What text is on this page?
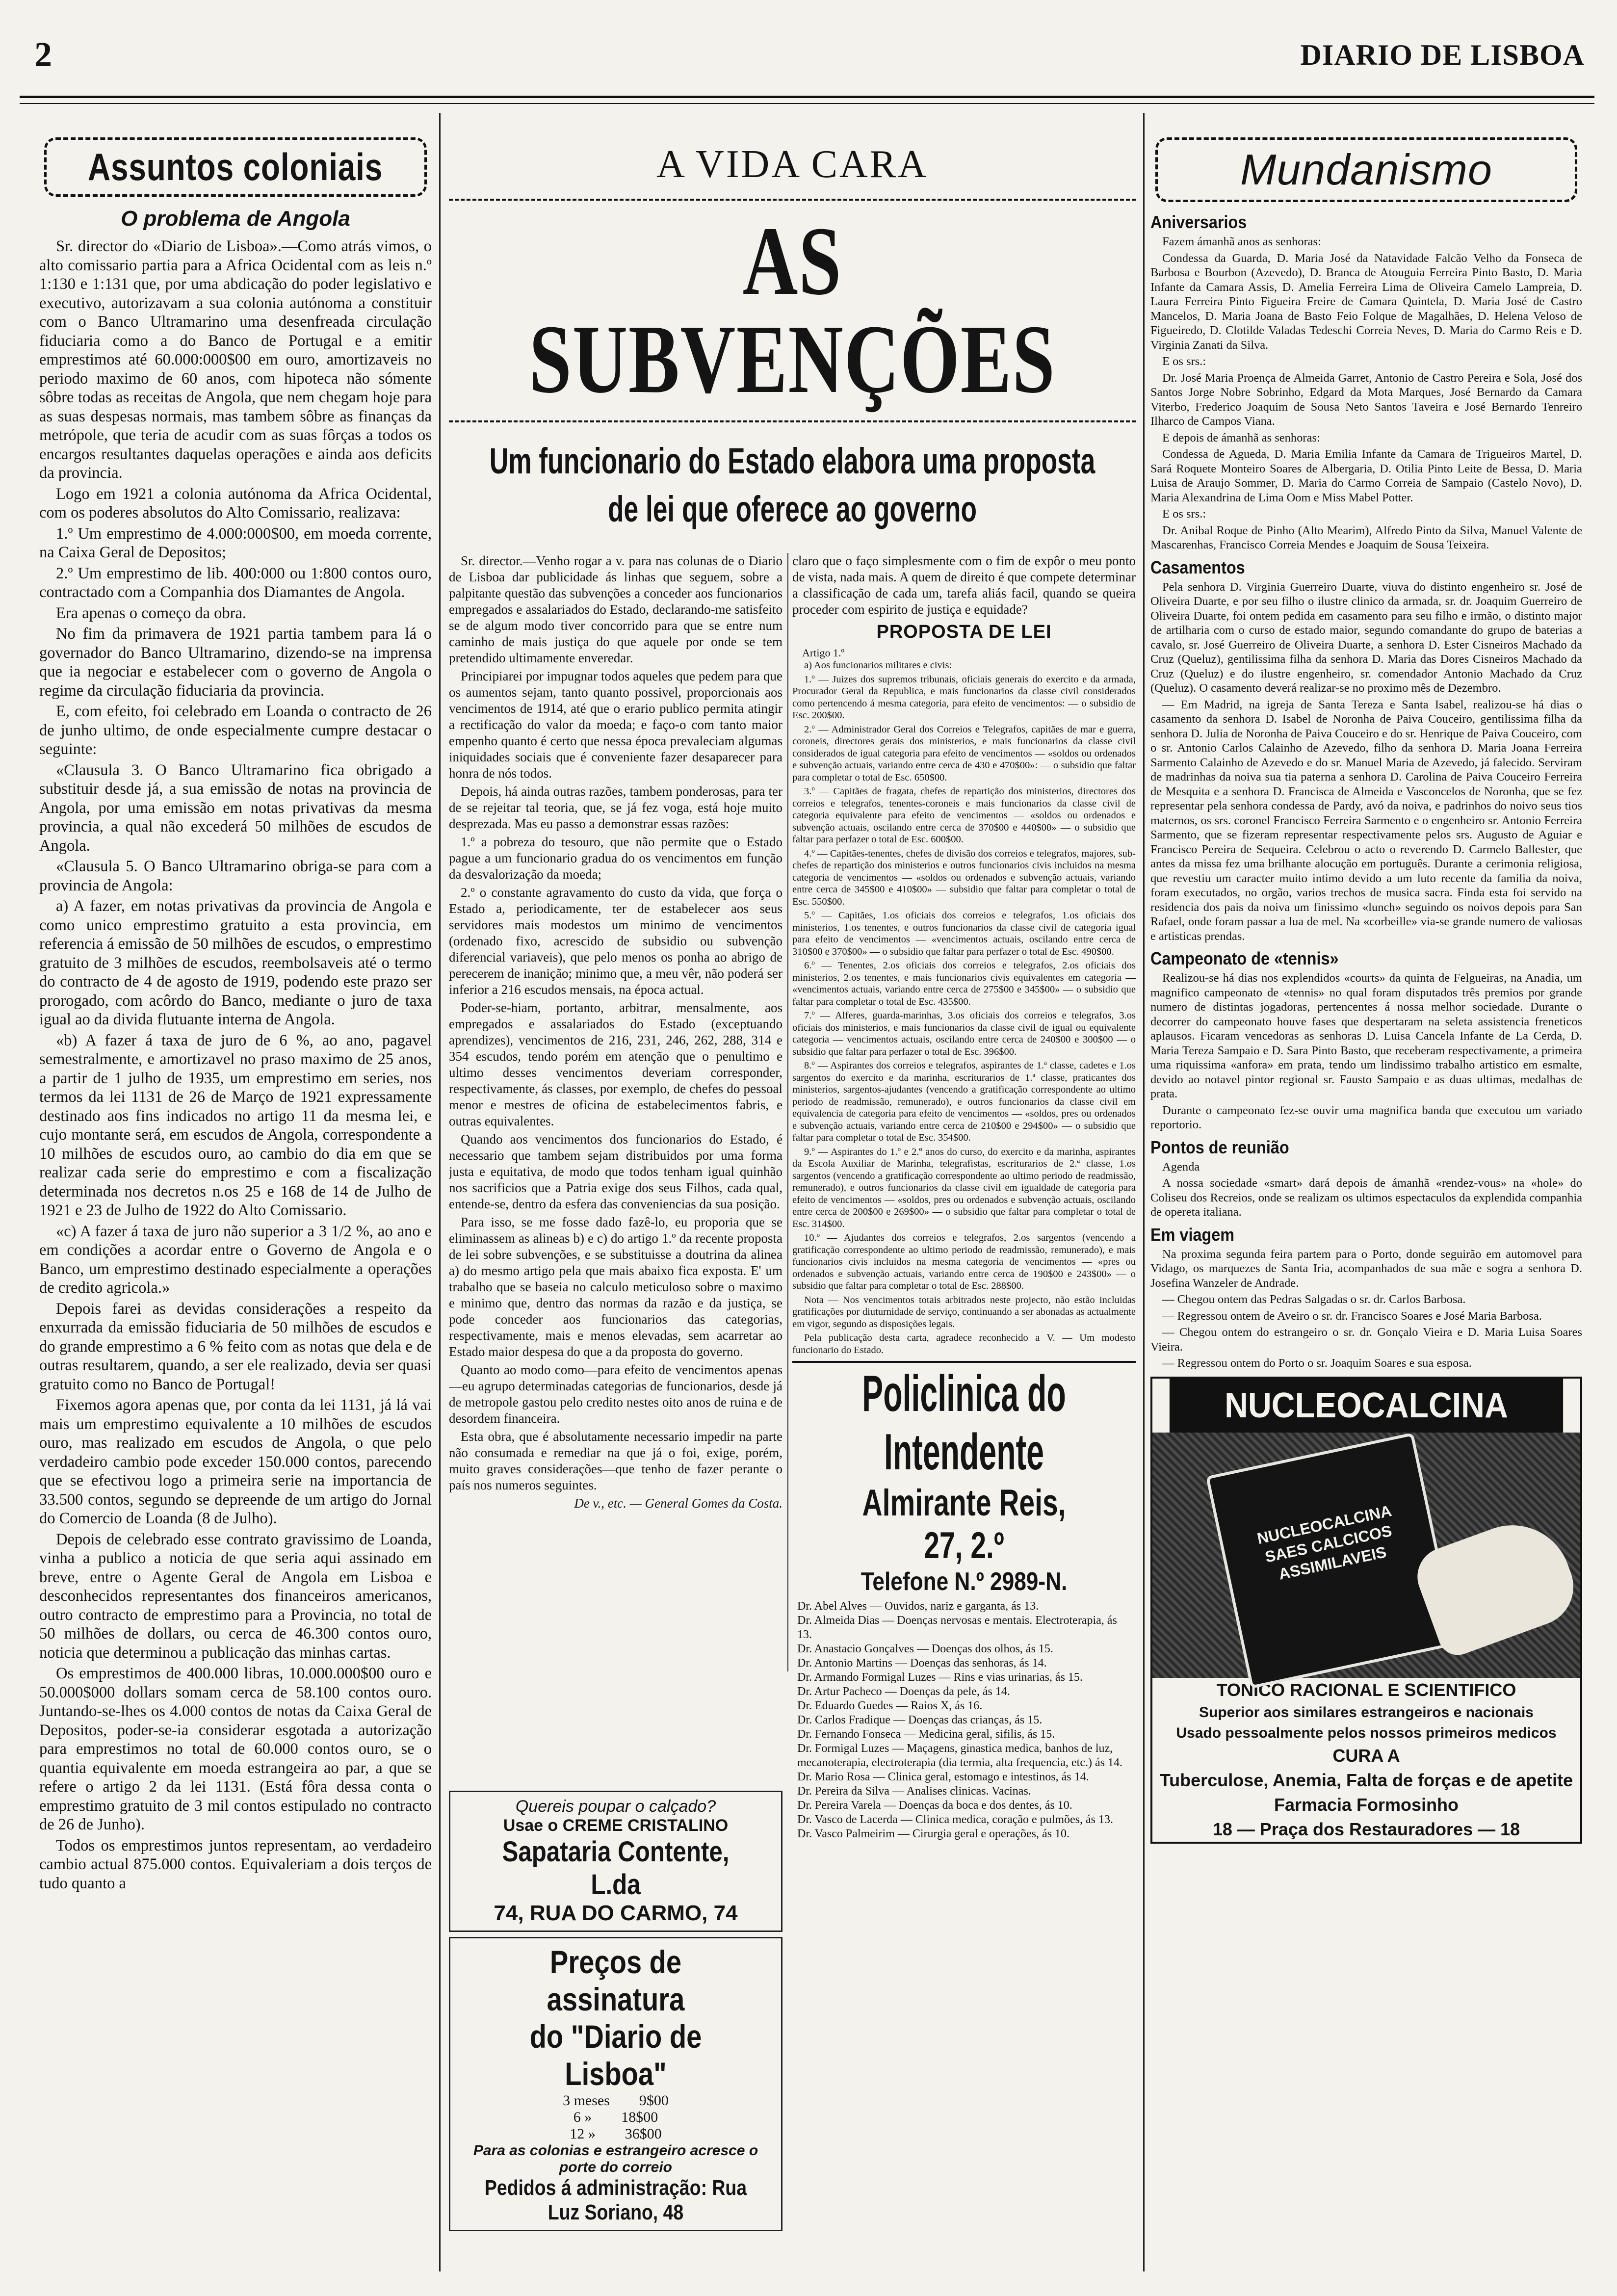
2	DIARIO DE LISBOA
Assuntos coloniais
O problema de Angola

Sr. director do «Diario de Lisboa».—Como atrás vimos, o alto comissario partia para a Africa Ocidental com as leis n.º 1:130 e 1:131 que, por uma abdicação do poder legislativo e executivo, autorizavam a sua colonia autónoma a constituir com o Banco Ultramarino uma desenfreada circulação fiduciaria como a do Banco de Portugal e a emitir emprestimos até 60.000:000$00 em ouro, amortizaveis no periodo maximo de 60 anos, com hipoteca não sómente sôbre todas as receitas de Angola, que nem chegam hoje para as suas despesas normais, mas tambem sôbre as finanças da metrópole, que teria de acudir com as suas fôrças a todos os encargos resultantes daquelas operações e ainda aos deficits da provincia.

Logo em 1921 a colonia autónoma da Africa Ocidental, com os poderes absolutos do Alto Comissario, realizava:

1.º Um emprestimo de 4.000:000$00, em moeda corrente, na Caixa Geral de Depositos;

2.º Um emprestimo de lib. 400:000 ou 1:800 contos ouro, contractado com a Companhia dos Diamantes de Angola.

Era apenas o começo da obra.

No fim da primavera de 1921 partia tambem para lá o governador do Banco Ultramarino, dizendo-se na imprensa que ia negociar e estabelecer com o governo de Angola o regime da circulação fiduciaria da provincia.

E, com efeito, foi celebrado em Loanda o contracto de 26 de junho ultimo, de onde especialmente cumpre destacar o seguinte:

«Clausula 3. O Banco Ultramarino fica obrigado a substituir desde já, a sua emissão de notas na provincia de Angola, por uma emissão em notas privativas da mesma provincia, a qual não excederá 50 milhões de escudos de Angola.

«Clausula 5. O Banco Ultramarino obriga-se para com a provincia de Angola:

a) A fazer, em notas privativas da provincia de Angola e como unico emprestimo gratuito a esta provincia, em referencia á emissão de 50 milhões de escudos, o emprestimo gratuito de 3 milhões de escudos, reembolsaveis até o termo do contracto de 4 de agosto de 1919, podendo este prazo ser prorogado, com acôrdo do Banco, mediante o juro de taxa igual ao da divida flutuante interna de Angola.

«b) A fazer á taxa de juro de 6 %, ao ano, pagavel semestralmente, e amortizavel no praso maximo de 25 anos, a partir de 1 julho de 1935, um emprestimo em series, nos termos da lei 1131 de 26 de Março de 1921 expressamente destinado aos fins indicados no artigo 11 da mesma lei, e cujo montante será, em escudos de Angola, correspondente a 10 milhões de escudos ouro, ao cambio do dia em que se realizar cada serie do emprestimo e com a fiscalização determinada nos decretos n.os 25 e 168 de 14 de Julho de 1921 e 23 de Julho de 1922 do Alto Comissario.

«c) A fazer á taxa de juro não superior a 3 1/2 %, ao ano e em condições a acordar entre o Governo de Angola e o Banco, um emprestimo destinado especialmente a operações de credito agricola.»

Depois farei as devidas considerações a respeito da enxurrada da emissão fiduciaria de 50 milhões de escudos e do grande emprestimo a 6 % feito com as notas que dela e de outras resultarem, quando, a ser ele realizado, devia ser quasi gratuito como no Banco de Portugal!

Fixemos agora apenas que, por conta da lei 1131, já lá vai mais um emprestimo equivalente a 10 milhões de escudos ouro, mas realizado em escudos de Angola, o que pelo verdadeiro cambio pode exceder 150.000 contos, parecendo que se efectivou logo a primeira serie na importancia de 33.500 contos, segundo se depreende de um artigo do Jornal do Comercio de Loanda (8 de Julho).

Depois de celebrado esse contrato gravissimo de Loanda, vinha a publico a noticia de que seria aqui assinado em breve, entre o Agente Geral de Angola em Lisboa e desconhecidos representantes dos financeiros americanos, outro contracto de emprestimo para a Provincia, no total de 50 milhões de dollars, ou cerca de 46.300 contos ouro, noticia que determinou a publicação das minhas cartas.

Os emprestimos de 400.000 libras, 10.000.000$00 ouro e 50.000$000 dollars somam cerca de 58.100 contos ouro. Juntando-se-lhes os 4.000 contos de notas da Caixa Geral de Depositos, poder-se-ia considerar esgotada a autorização para emprestimos no total de 60.000 contos ouro, se o quantia equivalente em moeda estrangeira ao par, a que se refere o artigo 2 da lei 1131. (Está fôra dessa conta o emprestimo gratuito de 3 mil contos estipulado no contracto de 26 de Junho).

Todos os emprestimos juntos representam, ao verdadeiro cambio actual 875.000 contos. Equivaleriam a dois terços de tudo quanto a

A VIDA CARA
AS SUBVENÇÕES
Um funcionario do Estado elabora uma proposta de lei que oferece ao governo

Sr. director.—Venho rogar a v. para nas colunas de o Diario de Lisboa dar publicidade ás linhas que seguem, sobre a palpitante questão das subvenções a conceder aos funcionarios empregados e assalariados do Estado, declarando-me satisfeito se de algum modo tiver concorrido para que se entre num caminho de mais justiça do que aquele por onde se tem pretendido ultimamente enveredar.

Principiarei por impugnar todos aqueles que pedem para que os aumentos sejam, tanto quanto possivel, proporcionais aos vencimentos de 1914, até que o erario publico permita atingir a rectificação do valor da moeda; e faço-o com tanto maior empenho quanto é certo que nessa época prevaleciam algumas iniquidades sociais que é conveniente fazer desaparecer para honra de nós todos.

Depois, há ainda outras razões, tambem ponderosas, para ter de se rejeitar tal teoria, que, se já fez voga, está hoje muito desprezada. Mas eu passo a demonstrar essas razões:

1.º a pobreza do tesouro, que não permite que o Estado pague a um funcionario gradua do os vencimentos em função da desvalorização da moeda;

2.º o constante agravamento do custo da vida, que força o Estado a, periodicamente, ter de estabelecer aos seus servidores mais modestos um minimo de vencimentos (ordenado fixo, acrescido de subsidio ou subvenção diferencial variaveis), que pelo menos os ponha ao abrigo de perecerem de inanição; minimo que, a meu vêr, não poderá ser inferior a 216 escudos mensais, na época actual.

Poder-se-hiam, portanto, arbitrar, mensalmente, aos empregados e assalariados do Estado (exceptuando aprendizes), vencimentos de 216, 231, 246, 262, 288, 314 e 354 escudos, tendo porém em atenção que o penultimo e ultimo desses vencimentos deveriam corresponder, respectivamente, ás classes, por exemplo, de chefes do pessoal menor e mestres de oficina de estabelecimentos fabris, e outras equivalentes.

Quando aos vencimentos dos funcionarios do Estado, é necessario que tambem sejam distribuidos por uma forma justa e equitativa, de modo que todos tenham igual quinhão nos sacrificios que a Patria exige dos seus Filhos, cada qual, entende-se, dentro da esfera das conveniencias da sua posição.

Para isso, se me fosse dado fazê-lo, eu proporia que se eliminassem as alineas b) e c) do artigo 1.º da recente proposta de lei sobre subvenções, e se substituisse a doutrina da alinea a) do mesmo artigo pela que mais abaixo fica exposta. E' um trabalho que se baseia no calculo meticuloso sobre o maximo e minimo que, dentro das normas da razão e da justiça, se pode conceder aos funcionarios das categorias, respectivamente, mais e menos elevadas, sem acarretar ao Estado maior despesa do que a da proposta do governo.

Quanto ao modo como—para efeito de vencimentos apenas—eu agrupo determinadas categorias de funcionarios, desde já de metropole gastou pelo credito nestes oito anos de ruina e de desordem financeira.

Esta obra, que é absolutamente necessario impedir na parte não consumada e remediar na que já o foi, exige, porém, muito graves considerações—que tenho de fazer perante o país nos numeros seguintes.

De v., etc. — General Gomes da Costa.

claro que o faço simplesmente com o fim de expôr o meu ponto de vista, nada mais. A quem de direito é que compete determinar a classificação de cada um, tarefa aliás facil, quando se queira proceder com espirito de justiça e equidade?
PROPOSTA DE LEI
Artigo 1.º

a) Aos funcionarios militares e civis:

1.º — Juizes dos supremos tribunais, oficiais generais do exercito e da armada, Procurador Geral da Republica, e mais funcionarios da classe civil considerados como pertencendo á mesma categoria, para efeito de vencimentos: — o subsidio de Esc. 200$00.

2.º — Administrador Geral dos Correios e Telegrafos, capitães de mar e guerra, coroneis, directores gerais dos ministerios, e mais funcionarios da classe civil considerados de igual categoria para efeito de vencimentos — «soldos ou ordenados e subvenção actuais, variando entre cerca de 430 e 470$00»: — o subsidio que faltar para completar o total de Esc. 650$00.

3.º — Capitães de fragata, chefes de repartição dos ministerios, directores dos correios e telegrafos, tenentes-coroneis e mais funcionarios da classe civil de categoria equivalente para efeito de vencimentos — «soldos ou ordenados e subvenção actuais, oscilando entre cerca de 370$00 e 440$00» — o subsidio que faltar para perfazer o total de Esc. 600$00.

4.º — Capitães-tenentes, chefes de divisão dos correios e telegrafos, majores, sub-chefes de repartição dos ministerios e outros funcionarios civis incluidos na mesma categoria de vencimentos — «soldos ou ordenados e subvenção actuais, variando entre cerca de 345$00 e 410$00» — subsidio que faltar para completar o total de Esc. 550$00.

5.º — Capitães, 1.os oficiais dos correios e telegrafos, 1.os oficiais dos ministerios, 1.os tenentes, e outros funcionarios da classe civil de categoria igual para efeito de vencimentos — «vencimentos actuais, oscilando entre cerca de 310$00 e 370$00» — o subsidio que faltar para perfazer o total de Esc. 490$00.

6.º — Tenentes, 2.os oficiais dos correios e telegrafos, 2.os oficiais dos ministerios, 2.os tenentes, e mais funcionarios civis equivalentes em categoria — «vencimentos actuais, variando entre cerca de 275$00 e 345$00» — o subsidio que faltar para completar o total de Esc. 435$00.

7.º — Alferes, guarda-marinhas, 3.os oficiais dos correios e telegrafos, 3.os oficiais dos ministerios, e mais funcionarios da classe civil de igual ou equivalente categoria — vencimentos actuais, oscilando entre cerca de 240$00 e 300$00 — o subsidio que faltar para perfazer o total de Esc. 396$00.

8.º — Aspirantes dos correios e telegrafos, aspirantes de 1.ª classe, cadetes e 1.os sargentos do exercito e da marinha, escriturarios de 1.ª classe, praticantes dos ministerios, sargentos-ajudantes (vencendo a gratificação correspondente ao ultimo periodo de readmissão, remunerado), e outros funcionarios da classe civil em equivalencia de categoria para efeito de vencimentos — «soldos, pres ou ordenados e subvenção actuais, variando entre cerca de 210$00 e 294$00» — o subsidio que faltar para completar o total de Esc. 354$00.

9.º — Aspirantes do 1.º e 2.º anos do curso, do exercito e da marinha, aspirantes da Escola Auxiliar de Marinha, telegrafistas, escriturarios de 2.ª classe, 1.os sargentos (vencendo a gratificação correspondente ao ultimo periodo de readmissão, remunerado), e outros funcionarios da classe civil em igualdade de categoria para efeito de vencimentos — «soldos, pres ou ordenados e subvenção actuais, oscilando entre cerca de 200$00 e 269$00» — o subsidio que faltar para completar o total de Esc. 314$00.

10.º — Ajudantes dos correios e telegrafos, 2.os sargentos (vencendo a gratificação correspondente ao ultimo periodo de readmissão, remunerado), e mais funcionarios civis incluidos na mesma categoria de vencimentos — «pres ou ordenados e subvenção actuais, variando entre cerca de 190$00 e 243$00» — o subsidio que faltar para completar o total de Esc. 288$00.

Nota — Nos vencimentos totais arbitrados neste projecto, não estão incluidas gratificações por diuturnidade de serviço, continuando a ser abonadas as actualmente em vigor, segundo as disposições legais.

Pela publicação desta carta, agradece reconhecido a V. — Um modesto funcionario do Estado.

Policlinica do Intendente
Almirante Reis, 27, 2.º
Telefone N.º 2989-N.
Dr. Abel Alves — Ouvidos, nariz e garganta, ás 13.
Dr. Almeida Dias — Doenças nervosas e mentais. Electroterapia, ás 13.
Dr. Anastacio Gonçalves — Doenças dos olhos, ás 15.
Dr. Antonio Martins — Doenças das senhoras, ás 14.
Dr. Armando Formigal Luzes — Rins e vias urinarias, ás 15.
Dr. Artur Pacheco — Doenças da pele, ás 14.
Dr. Eduardo Guedes — Raios X, ás 16.
Dr. Carlos Fradique — Doenças das crianças, ás 15.
Dr. Fernando Fonseca — Medicina geral, sifilis, ás 15.
Dr. Formigal Luzes — Maçagens, ginastica medica, banhos de luz, mecanoterapia, electroterapia (dia termia, alta frequencia, etc.) ás 14.
Dr. Mario Rosa — Clinica geral, estomago e intestinos, ás 14.
Dr. Pereira da Silva — Analises clinicas. Vacinas.
Dr. Pereira Varela — Doenças da boca e dos dentes, ás 10.
Dr. Vasco de Lacerda — Clinica medica, coração e pulmões, ás 13.
Dr. Vasco Palmeirim — Cirurgia geral e operações, ás 10.
Quereis poupar o calçado?
Usae o CREME CRISTALINO
Sapataria Contente, L.da
74, RUA DO CARMO, 74
Preços de assinatura
do "Diario de Lisboa"
3 meses 9$00
6 » 18$00
12 » 36$00
Para as colonias e estrangeiro acresce o porte do correio
Pedidos á administração: Rua Luz Soriano, 48
Mundanismo
Aniversarios

Fazem ámanhã anos as senhoras:

Condessa da Guarda, D. Maria José da Natavidade Falcão Velho da Fonseca de Barbosa e Bourbon (Azevedo), D. Branca de Atouguia Ferreira Pinto Basto, D. Maria Infante da Camara Assis, D. Amelia Ferreira Lima de Oliveira Camelo Lampreia, D. Laura Ferreira Pinto Figueira Freire de Camara Quintela, D. Maria José de Castro Mancelos, D. Maria Joana de Basto Feio Folque de Magalhães, D. Helena Veloso de Figueiredo, D. Clotilde Valadas Tedeschi Correia Neves, D. Maria do Carmo Reis e D. Virginia Zanati da Silva.

E os srs.:

Dr. José Maria Proença de Almeida Garret, Antonio de Castro Pereira e Sola, José dos Santos Jorge Nobre Sobrinho, Edgard da Mota Marques, José Bernardo da Camara Viterbo, Frederico Joaquim de Sousa Neto Santos Taveira e José Bernardo Tenreiro Ilharco de Campos Viana.

E depois de ámanhã as senhoras:

Condessa de Agueda, D. Maria Emilia Infante da Camara de Trigueiros Martel, D. Sará Roquete Monteiro Soares de Albergaria, D. Otilia Pinto Leite de Bessa, D. Maria Luisa de Araujo Sommer, D. Maria do Carmo Correia de Sampaio (Castelo Novo), D. Maria Alexandrina de Lima Oom e Miss Mabel Potter.

E os srs.:

Dr. Anibal Roque de Pinho (Alto Mearim), Alfredo Pinto da Silva, Manuel Valente de Mascarenhas, Francisco Correia Mendes e Joaquim de Sousa Teixeira.

Casamentos

Pela senhora D. Virginia Guerreiro Duarte, viuva do distinto engenheiro sr. José de Oliveira Duarte, e por seu filho o ilustre clinico da armada, sr. dr. Joaquim Guerreiro de Oliveira Duarte, foi ontem pedida em casamento para seu filho e irmão, o distinto major de artilharia com o curso de estado maior, segundo comandante do grupo de baterias a cavalo, sr. José Guerreiro de Oliveira Duarte, a senhora D. Ester Cisneiros Machado da Cruz (Queluz), gentilissima filha da senhora D. Maria das Dores Cisneiros Machado da Cruz (Queluz) e do ilustre engenheiro, sr. comendador Antonio Machado da Cruz (Queluz). O casamento deverá realizar-se no proximo mês de Dezembro.

— Em Madrid, na igreja de Santa Tereza e Santa Isabel, realizou-se há dias o casamento da senhora D. Isabel de Noronha de Paiva Couceiro, gentilissima filha da senhora D. Julia de Noronha de Paiva Couceiro e do sr. Henrique de Paiva Couceiro, com o sr. Antonio Carlos Calainho de Azevedo, filho da senhora D. Maria Joana Ferreira Sarmento Calainho de Azevedo e do sr. Manuel Maria de Azevedo, já falecido. Serviram de madrinhas da noiva sua tia paterna a senhora D. Carolina de Paiva Couceiro Ferreira de Mesquita e a senhora D. Francisca de Almeida e Vasconcelos de Noronha, que se fez representar pela senhora condessa de Pardy, avó da noiva, e padrinhos do noivo seus tios maternos, os srs. coronel Francisco Ferreira Sarmento e o engenheiro sr. Antonio Ferreira Sarmento, que se fizeram representar respectivamente pelos srs. Augusto de Aguiar e Francisco Pereira de Sequeira. Celebrou o acto o reverendo D. Carmelo Ballester, que antes da missa fez uma brilhante alocução em português. Durante a cerimonia religiosa, que revestiu um caracter muito intimo devido a um luto recente da familia da noiva, foram executados, no orgão, varios trechos de musica sacra. Finda esta foi servido na residencia dos pais da noiva um finissimo «lunch» seguindo os noivos depois para San Rafael, onde foram passar a lua de mel. Na «corbeille» via-se grande numero de valiosas e artisticas prendas.

Campeonato de «tennis»

Realizou-se há dias nos explendidos «courts» da quinta de Felgueiras, na Anadia, um magnifico campeonato de «tennis» no qual foram disputados três premios por grande numero de distintas jogadoras, pertencentes á nossa melhor sociedade. Durante o decorrer do campeonato houve fases que despertaram na seleta assistencia freneticos aplausos. Ficaram vencedoras as senhoras D. Luisa Cancela Infante de La Cerda, D. Maria Tereza Sampaio e D. Sara Pinto Basto, que receberam respectivamente, a primeira uma riquissima «anfora» em prata, tendo um lindissimo trabalho artistico em esmalte, devido ao notavel pintor regional sr. Fausto Sampaio e as duas ultimas, medalhas de prata.

Durante o campeonato fez-se ouvir uma magnifica banda que executou um variado reportorio.

Pontos de reunião

Agenda

A nossa sociedade «smart» dará depois de ámanhã «rendez-vous» na «hole» do Coliseu dos Recreios, onde se realizam os ultimos espectaculos da explendida companhia de opereta italiana.

Em viagem

Na proxima segunda feira partem para o Porto, donde seguirão em automovel para Vidago, os marquezes de Santa Iria, acompanhados de sua mãe e sogra a senhora D. Josefina Wanzeler de Andrade.

— Chegou ontem das Pedras Salgadas o sr. dr. Carlos Barbosa.

— Regressou ontem de Aveiro o sr. dr. Francisco Soares e José Maria Barbosa.

— Chegou ontem do estrangeiro o sr. dr. Gonçalo Vieira e D. Maria Luisa Soares Vieira.

— Regressou ontem do Porto o sr. Joaquim Soares e sua esposa.

NUCLEOCALCINA
NUCLEOCALCINA SAES CALCICOS ASSIMILAVEIS
TONICO RACIONAL E SCIENTIFICO
Superior aos similares estrangeiros e nacionais
Usado pessoalmente pelos nossos primeiros medicos
CURA A
Tuberculose, Anemia, Falta de forças e de apetite
Farmacia Formosinho
18 — Praça dos Restauradores — 18
